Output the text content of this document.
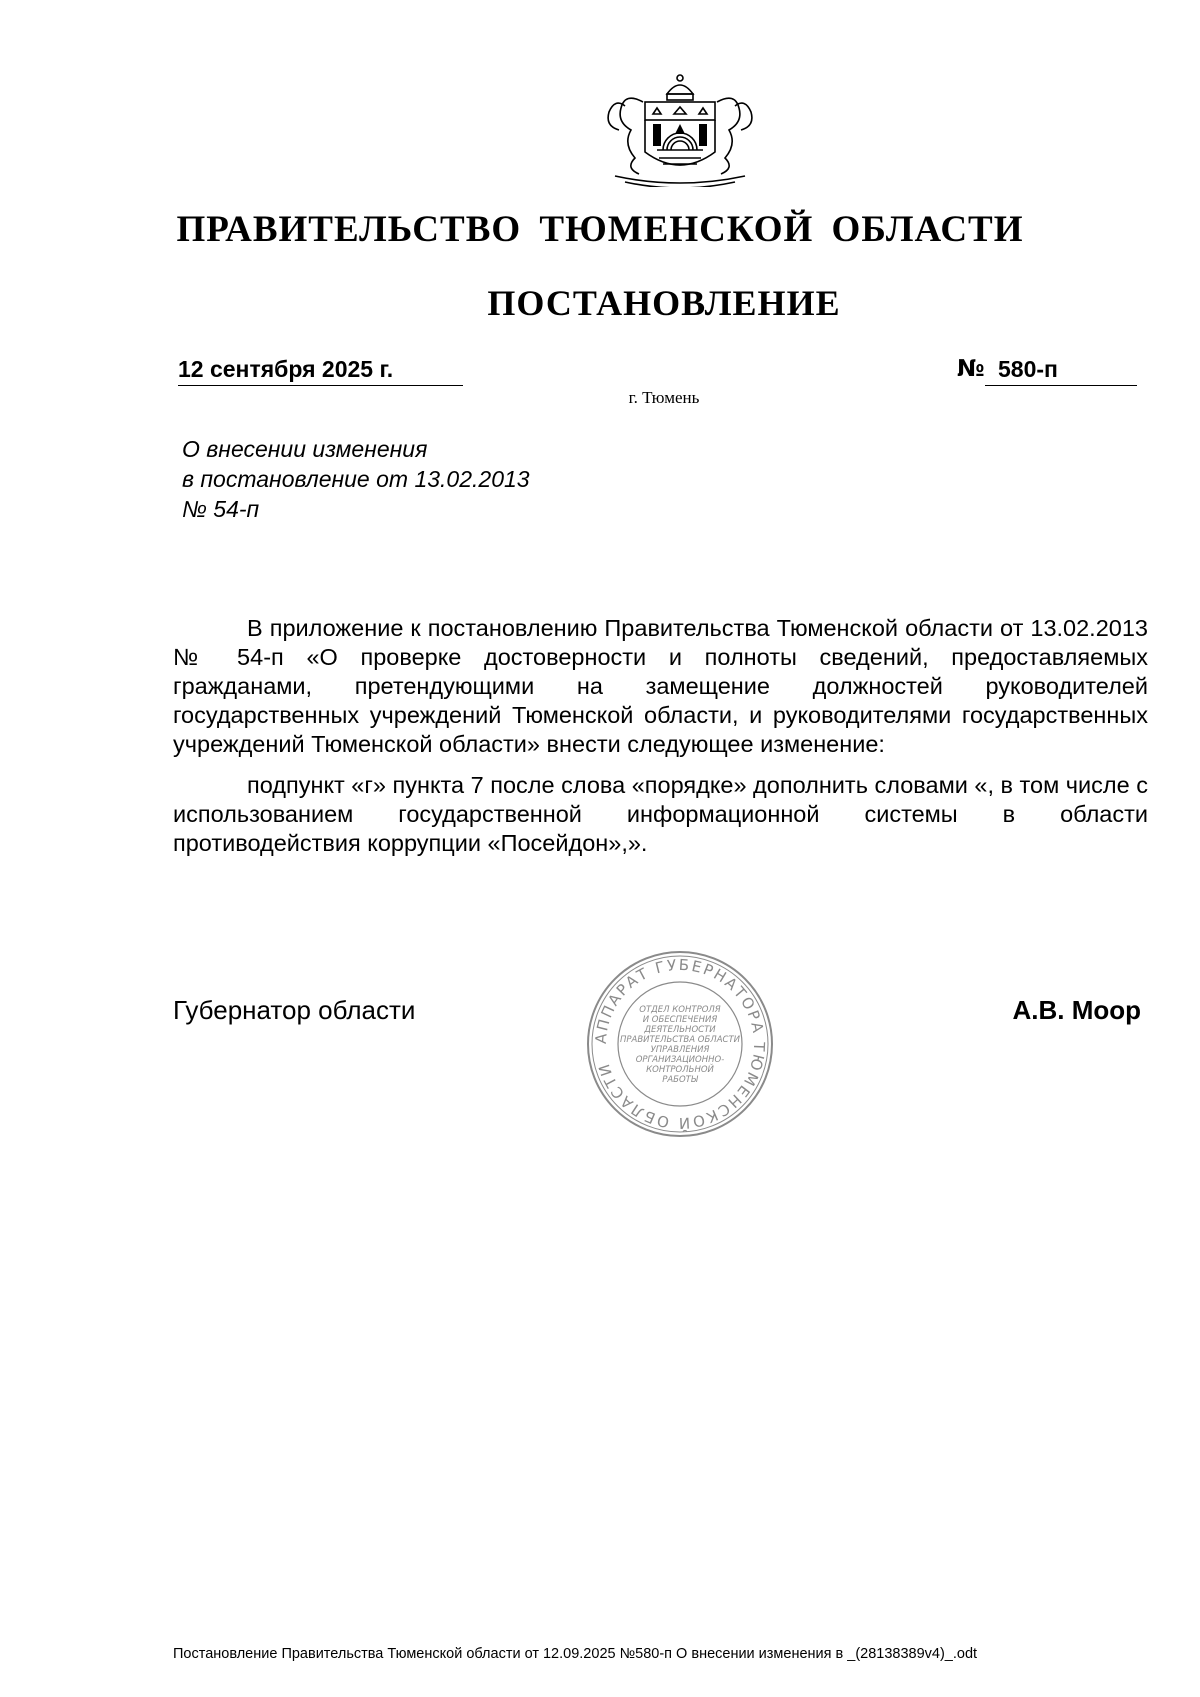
ПРАВИТЕЛЬСТВО ТЮМЕНСКОЙ ОБЛАСТИ
ПОСТАНОВЛЕНИЕ
12 сентября 2025 г.	№ 580-п
г. Тюмень
О внесении изменения
в постановление от 13.02.2013
№ 54-п

В приложение к постановлению Правительства Тюменской области от 13.02.2013 № 54-п «О проверке достоверности и полноты сведений, предоставляемых гражданами, претендующими на замещение должностей руководителей государственных учреждений Тюменской области, и руководителями государственных учреждений Тюменской области» внести следующее изменение:

подпункт «г» пункта 7 после слова «порядке» дополнить словами «, в том числе с использованием государственной информационной системы в области противодействия коррупции «Посейдон»,».

Губернатор области	А.В. Моор
АППАРАТ ГУБЕРНАТОРА ТЮМЕНСКОЙ ОБЛАСТИ
ОТДЕЛ КОНТРОЛЯ
И ОБЕСПЕЧЕНИЯ
ДЕЯТЕЛЬНОСТИ
ПРАВИТЕЛЬСТВА ОБЛАСТИ
УПРАВЛЕНИЯ
ОРГАНИЗАЦИОННО-
КОНТРОЛЬНОЙ
РАБОТЫ
Постановление Правительства Тюменской области от 12.09.2025 №580-п О внесении изменения в _(28138389v4)_.odt
